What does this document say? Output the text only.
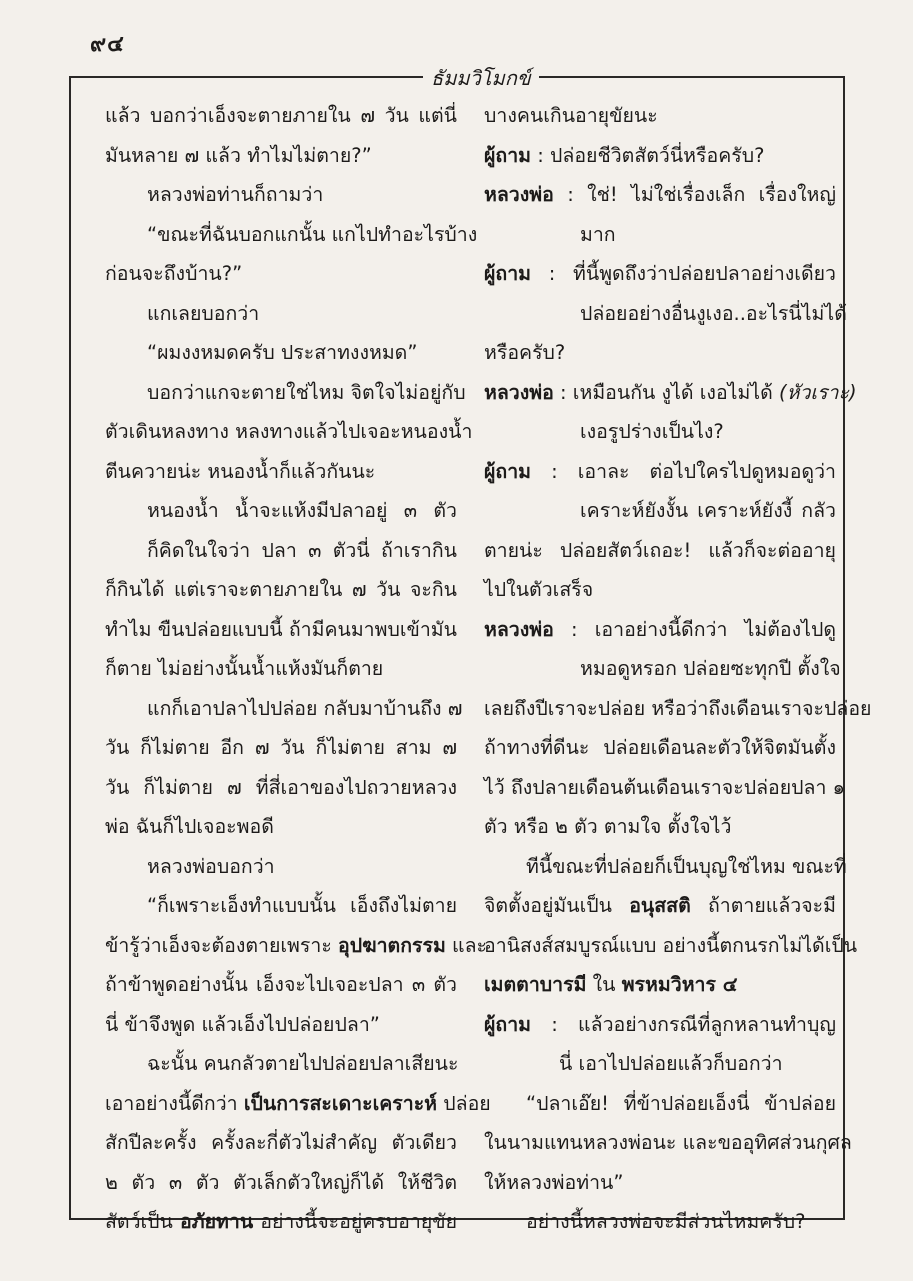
๙๔
ธัมมวิโมกข์
แล้ว บอกว่าเอ็งจะตายภายใน ๗ วัน แต่นี่
มันหลาย ๗ แล้ว ทำไมไม่ตาย?”
หลวงพ่อท่านก็ถามว่า
“ขณะที่ฉันบอกแกนั้น แกไปทำอะไรบ้าง
ก่อนจะถึงบ้าน?”
แกเลยบอกว่า
“ผมงงหมดครับ ประสาทงงหมด”
บอกว่าแกจะตายใช่ไหม จิตใจไม่อยู่กับ
ตัวเดินหลงทาง หลงทางแล้วไปเจอะหนองน้ำ
ตีนควายน่ะ หนองน้ำก็แล้วกันนะ
หนองน้ำ น้ำจะแห้งมีปลาอยู่ ๓ ตัว
ก็คิดในใจว่า ปลา ๓ ตัวนี่ ถ้าเรากิน
ก็กินได้ แต่เราจะตายภายใน ๗ วัน จะกิน
ทำไม ขืนปล่อยแบบนี้ ถ้ามีคนมาพบเข้ามัน
ก็ตาย ไม่อย่างนั้นน้ำแห้งมันก็ตาย
แกก็เอาปลาไปปล่อย กลับมาบ้านถึง ๗
วัน ก็ไม่ตาย อีก ๗ วัน ก็ไม่ตาย สาม ๗
วัน ก็ไม่ตาย ๗ ที่สี่เอาของไปถวายหลวง
พ่อ ฉันก็ไปเจอะพอดี
หลวงพ่อบอกว่า
“ก็เพราะเอ็งทำแบบนั้น เอ็งถึงไม่ตาย
ข้ารู้ว่าเอ็งจะต้องตายเพราะ อุปฆาตกรรม และ
ถ้าข้าพูดอย่างนั้น เอ็งจะไปเจอะปลา ๓ ตัว
นี่ ข้าจึงพูด แล้วเอ็งไปปล่อยปลา”
ฉะนั้น คนกลัวตายไปปล่อยปลาเสียนะ
เอาอย่างนี้ดีกว่า เป็นการสะเดาะเคราะห์ ปล่อย
สักปีละครั้ง ครั้งละกี่ตัวไม่สำคัญ ตัวเดียว
๒ ตัว ๓ ตัว ตัวเล็กตัวใหญ่ก็ได้ ให้ชีวิต
สัตว์เป็น อภัยทาน อย่างนี้จะอยู่ครบอายุขัย
บางคนเกินอายุขัยนะ
ผู้ถาม : ปล่อยชีวิตสัตว์นี่หรือครับ?
หลวงพ่อ : ใช่! ไม่ใช่เรื่องเล็ก เรื่องใหญ่
มาก
ผู้ถาม : ที่นี้พูดถึงว่าปล่อยปลาอย่างเดียว
ปล่อยอย่างอื่นงูเงอ..อะไรนี่ไม่ได้
หรือครับ?
หลวงพ่อ : เหมือนกัน งูได้ เงอไม่ได้ (หัวเราะ)
เงอรูปร่างเป็นไง?
ผู้ถาม : เอาละ ต่อไปใครไปดูหมอดูว่า
เคราะห์ยังงั้น เคราะห์ยังงี้ กลัว
ตายน่ะ ปล่อยสัตว์เถอะ! แล้วก็จะต่ออายุ
ไปในตัวเสร็จ
หลวงพ่อ : เอาอย่างนี้ดีกว่า ไม่ต้องไปดู
หมอดูหรอก ปล่อยซะทุกปี ตั้งใจ
เลยถึงปีเราจะปล่อย หรือว่าถึงเดือนเราจะปล่อย
ถ้าทางที่ดีนะ ปล่อยเดือนละตัวให้จิตมันตั้ง
ไว้ ถึงปลายเดือนต้นเดือนเราจะปล่อยปลา ๑
ตัว หรือ ๒ ตัว ตามใจ ตั้งใจไว้
ทีนี้ขณะที่ปล่อยก็เป็นบุญใช่ไหม ขณะที่
จิตตั้งอยู่มันเป็น อนุสสติ ถ้าตายแล้วจะมี
อานิสงส์สมบูรณ์แบบ อย่างนี้ตกนรกไม่ได้เป็น
เมตตาบารมี ใน พรหมวิหาร ๔
ผู้ถาม : แล้วอย่างกรณีที่ลูกหลานทำบุญ
นี่ เอาไปปล่อยแล้วก็บอกว่า
“ปลาเอ๊ย! ที่ข้าปล่อยเอ็งนี่ ข้าปล่อย
ในนามแทนหลวงพ่อนะ และขออุทิศส่วนกุศล
ให้หลวงพ่อท่าน”
อย่างนี้หลวงพ่อจะมีส่วนไหมครับ?
